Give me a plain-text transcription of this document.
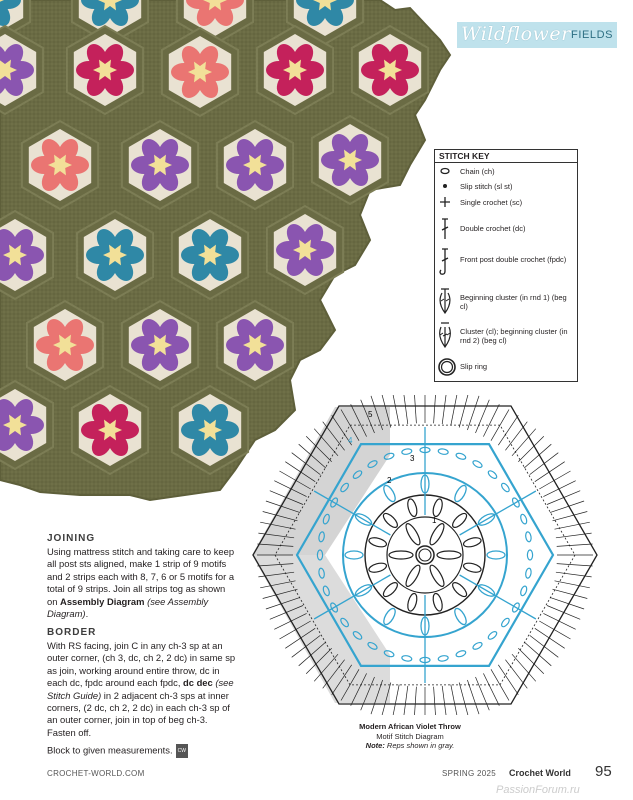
Wildflower FIELDS
STITCH KEY
Chain (ch)
Slip stitch (sl st)
Single crochet (sc)
Double crochet (dc)
Front post double crochet (fpdc)
Beginning cluster (in rnd 1) (beg cl)
Cluster (cl); beginning cluster (in rnd 2) (beg cl)
Slip ring
1
2
3
4
5
Modern African Violet Throw
Motif Stitch Diagram
Note: Reps shown in gray.
JOINING
Using mattress stitch and taking care to keep all post sts aligned, make 1 strip of 9 motifs and 2 strips each with 8, 7, 6 or 5 motifs for a total of 9 strips. Join all strips tog as shown on Assembly Diagram (see Assembly Diagram).
BORDER
With RS facing, join C in any ch-3 sp at an outer corner, (ch 3, dc, ch 2, 2 dc) in same sp as join, working around entire throw, dc in each dc, fpdc around each fpdc, dc dec (see Stitch Guide) in 2 adjacent ch-3 sps at inner corners, (2 dc, ch 2, 2 dc) in each ch-3 sp of an outer corner, join in top of beg ch-3. Fasten off.
Block to given measurements. CW
CROCHET-WORLD.COM	SPRING 2025 Crochet World 95
PassionForum.ru
